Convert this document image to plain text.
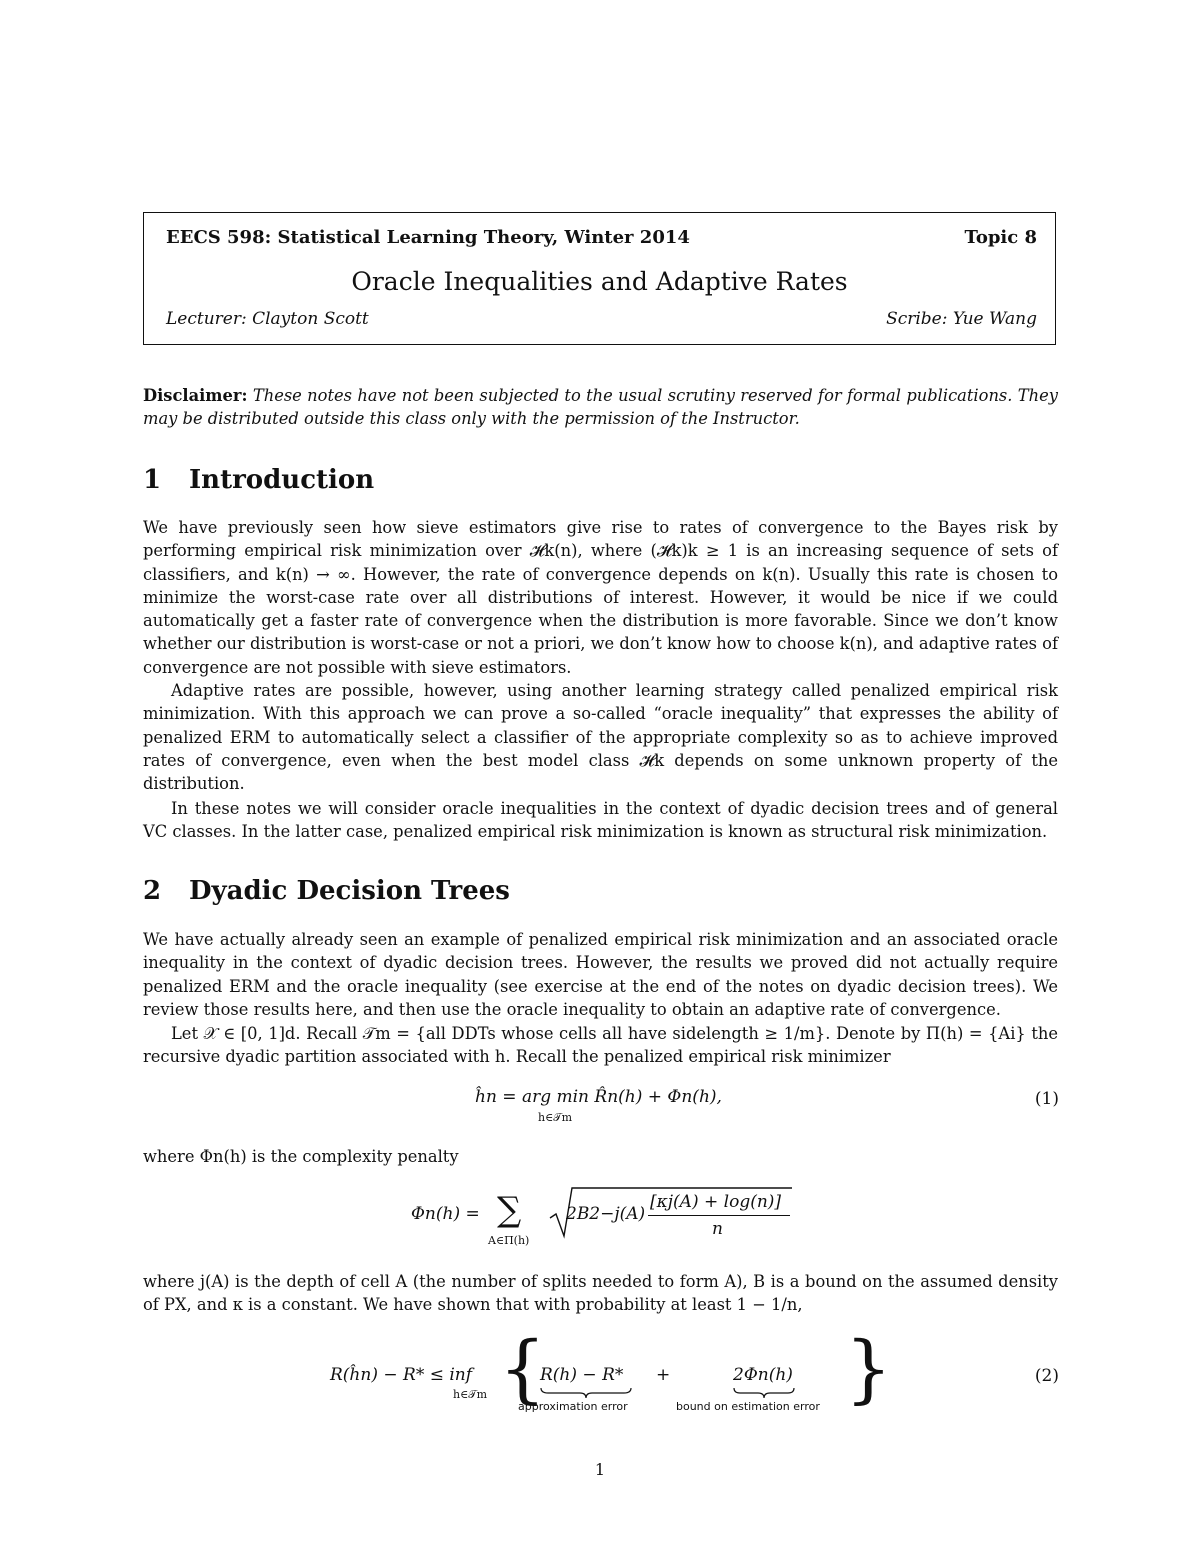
EECS 598: Statistical Learning Theory, Winter 2014	Topic 8
Oracle Inequalities and Adaptive Rates
Lecturer: Clayton Scott	Scribe: Yue Wang

Disclaimer: These notes have not been subjected to the usual scrutiny reserved for formal publications. They may be distributed outside this class only with the permission of the Instructor.

1 Introduction

We have previously seen how sieve estimators give rise to rates of convergence to the Bayes risk by performing empirical risk minimization over 𝓗k(n), where (𝓗k)k ≥ 1 is an increasing sequence of sets of classifiers, and k(n) → ∞. However, the rate of convergence depends on k(n). Usually this rate is chosen to minimize the worst-case rate over all distributions of interest. However, it would be nice if we could automatically get a faster rate of convergence when the distribution is more favorable. Since we don’t know whether our distribution is worst-case or not a priori, we don’t know how to choose k(n), and adaptive rates of convergence are not possible with sieve estimators.

Adaptive rates are possible, however, using another learning strategy called penalized empirical risk minimization. With this approach we can prove a so-called “oracle inequality” that expresses the ability of penalized ERM to automatically select a classifier of the appropriate complexity so as to achieve improved rates of convergence, even when the best model class 𝓗k depends on some unknown property of the distribution.

In these notes we will consider oracle inequalities in the context of dyadic decision trees and of general VC classes. In the latter case, penalized empirical risk minimization is known as structural risk minimization.

2 Dyadic Decision Trees

We have actually already seen an example of penalized empirical risk minimization and an associated oracle inequality in the context of dyadic decision trees. However, the results we proved did not actually require penalized ERM and the oracle inequality (see exercise at the end of the notes on dyadic decision trees). We review those results here, and then use the oracle inequality to obtain an adaptive rate of convergence.

Let 𝒳 ∈ [0, 1]d. Recall 𝒯m = {all DDTs whose cells all have sidelength ≥ 1/m}. Denote by Π(h) = {Ai} the recursive dyadic partition associated with h. Recall the penalized empirical risk minimizer

ĥn = arg min R̂n(h) + Φn(h),
h∈𝒯m
(1)

where Φn(h) is the complexity penalty

Φn(h) = ∑
A∈Π(h)
2B2−j(A)
[κj(A) + log(n)]
n

where j(A) is the depth of cell A (the number of splits needed to form A), B is a bound on the assumed density of PX, and κ is a constant. We have shown that with probability at least 1 − 1/n,

R(ĥn) − R* ≤ inf
h∈𝒯m {
R(h) − R*
approximation error
+	2Φn(h)
bound on estimation error }	(2)
1
